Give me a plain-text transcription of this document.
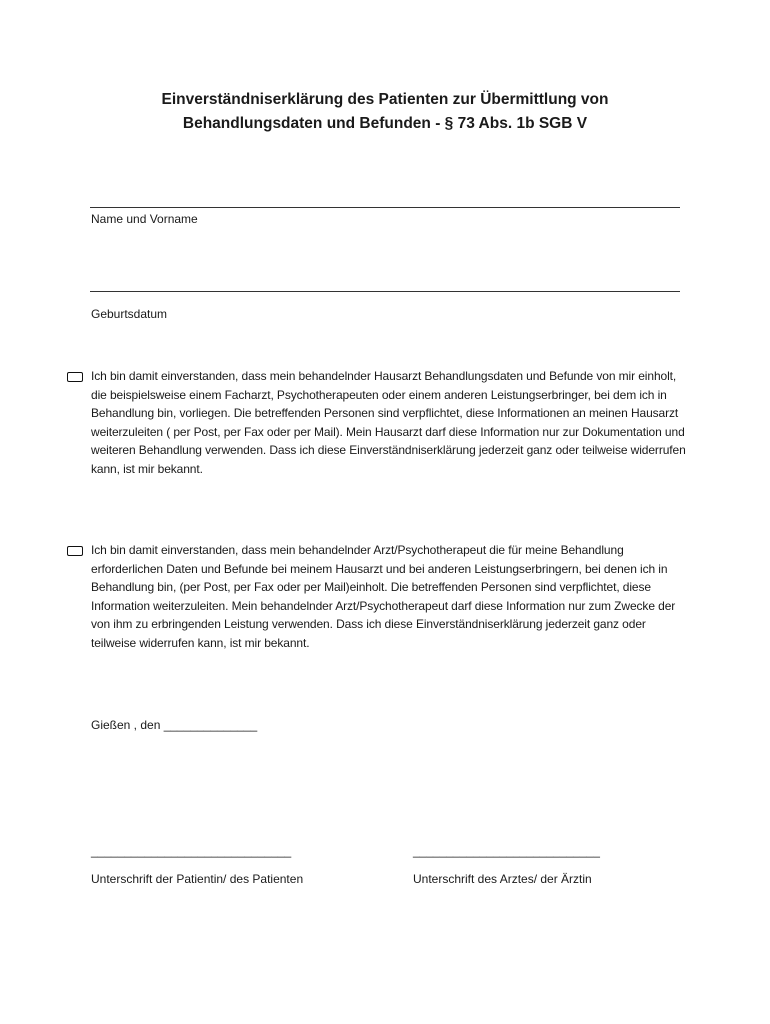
Einverständniserklärung des Patienten zur Übermittlung von
Behandlungsdaten und Befunden - § 73 Abs. 1b SGB V
Name und Vorname
Geburtsdatum
Ich bin damit einverstanden, dass mein behandelnder Hausarzt Behandlungsdaten und Befunde von mir einholt, die beispielsweise einem Facharzt, Psychotherapeuten oder einem anderen Leistungserbringer, bei dem ich in Behandlung bin, vorliegen. Die betreffenden Personen sind verpflichtet, diese Informationen an meinen Hausarzt weiterzuleiten ( per Post, per Fax oder per Mail). Mein Hausarzt darf diese Information nur zur Dokumentation und weiteren Behandlung verwenden. Dass ich diese Einverständniserklärung jederzeit ganz oder teilweise widerrufen kann, ist mir bekannt.
Ich bin damit einverstanden, dass mein behandelnder Arzt/Psychotherapeut die für meine Behandlung erforderlichen Daten und Befunde bei meinem Hausarzt und bei anderen Leistungserbringern, bei denen ich in Behandlung bin, (per Post, per Fax oder per Mail)einholt. Die betreffenden Personen sind verpflichtet, diese Information weiterzuleiten. Mein behandelnder Arzt/Psychotherapeut darf diese Information nur zum Zwecke der von ihm zu erbringenden Leistung verwenden. Dass ich diese Einverständniserklärung jederzeit ganz oder teilweise widerrufen kann, ist mir bekannt.
Gießen , den ______________
______________________________	____________________________
Unterschrift der Patientin/ des Patienten	Unterschrift des Arztes/ der Ärztin
